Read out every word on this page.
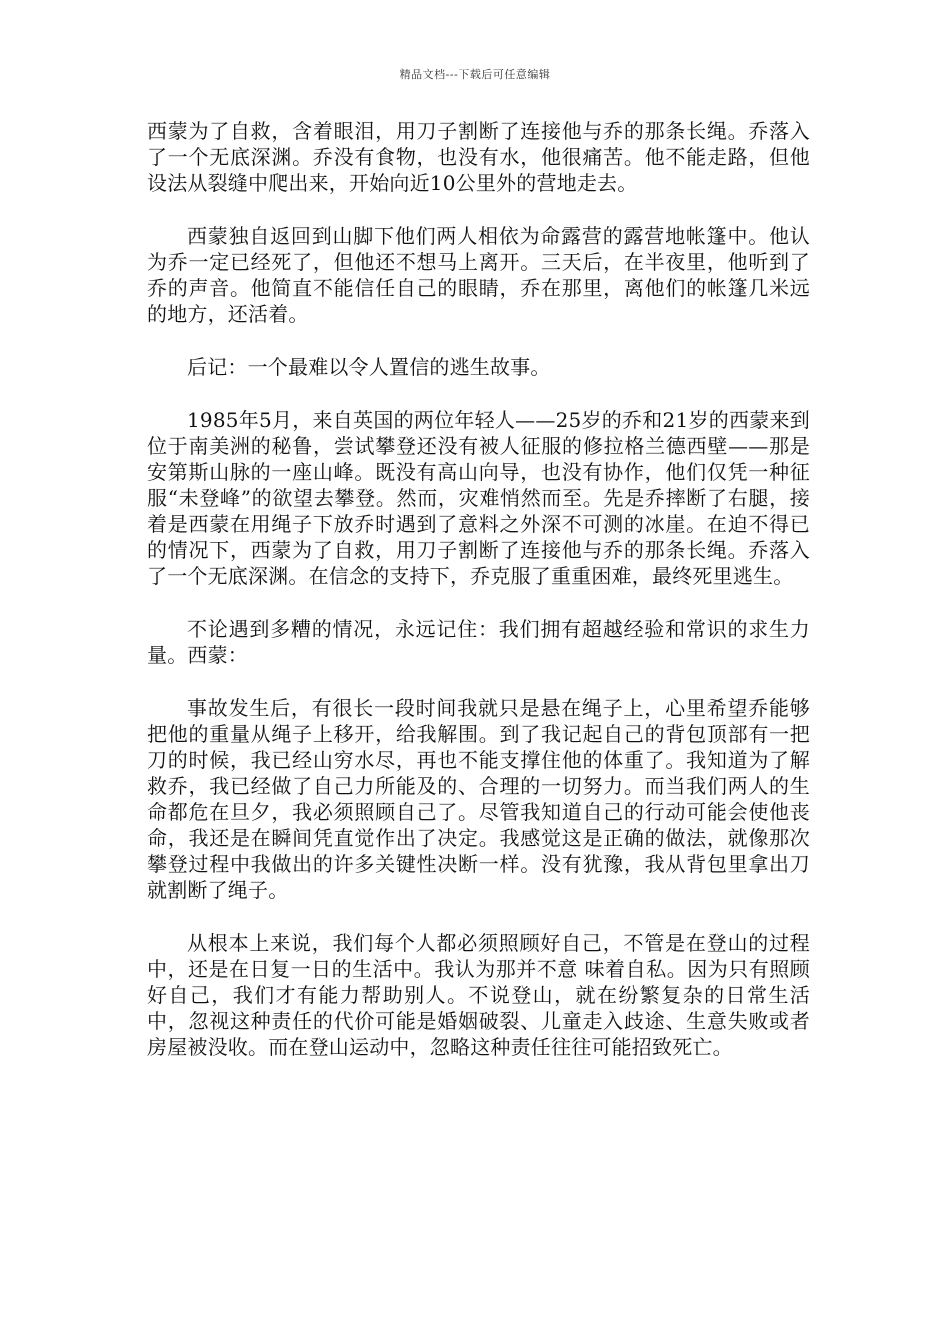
精品文档---下载后可任意编辑

西蒙为了自救，含着眼泪，用刀子割断了连接他与乔的那条长绳。乔落入了一个无底深渊。乔没有食物，也没有水，他很痛苦。他不能走路，但他设法从裂缝中爬出来，开始向近10公里外的营地走去。

西蒙独自返回到山脚下他们两人相依为命露营的露营地帐篷中。他认为乔一定已经死了，但他还不想马上离开。三天后，在半夜里，他听到了乔的声音。他简直不能信任自己的眼睛，乔在那里，离他们的帐篷几米远的地方，还活着。

后记：一个最难以令人置信的逃生故事。

1985年5月，来自英国的两位年轻人——25岁的乔和21岁的西蒙来到位于南美洲的秘鲁，尝试攀登还没有被人征服的修拉格兰德西壁——那是安第斯山脉的一座山峰。既没有高山向导，也没有协作，他们仅凭一种征服“未登峰”的欲望去攀登。然而，灾难悄然而至。先是乔摔断了右腿，接着是西蒙在用绳子下放乔时遇到了意料之外深不可测的冰崖。在迫不得已的情况下，西蒙为了自救，用刀子割断了连接他与乔的那条长绳。乔落入了一个无底深渊。在信念的支持下，乔克服了重重困难，最终死里逃生。

不论遇到多糟的情况，永远记住：我们拥有超越经验和常识的求生力量。西蒙：

事故发生后，有很长一段时间我就只是悬在绳子上，心里希望乔能够把他的重量从绳子上移开，给我解围。到了我记起自己的背包顶部有一把刀的时候，我已经山穷水尽，再也不能支撑住他的体重了。我知道为了解救乔，我已经做了自己力所能及的、合理的一切努力。而当我们两人的生命都危在旦夕，我必须照顾自己了。尽管我知道自己的行动可能会使他丧命，我还是在瞬间凭直觉作出了决定。我感觉这是正确的做法，就像那次攀登过程中我做出的许多关键性决断一样。没有犹豫，我从背包里拿出刀就割断了绳子。

从根本上来说，我们每个人都必须照顾好自己，不管是在登山的过程中，还是在日复一日的生活中。我认为那并不意 味着自私。因为只有照顾好自己，我们才有能力帮助别人。不说登山，就在纷繁复杂的日常生活中，忽视这种责任的代价可能是婚姻破裂、儿童走入歧途、生意失败或者房屋被没收。而在登山运动中，忽略这种责任往往可能招致死亡。
